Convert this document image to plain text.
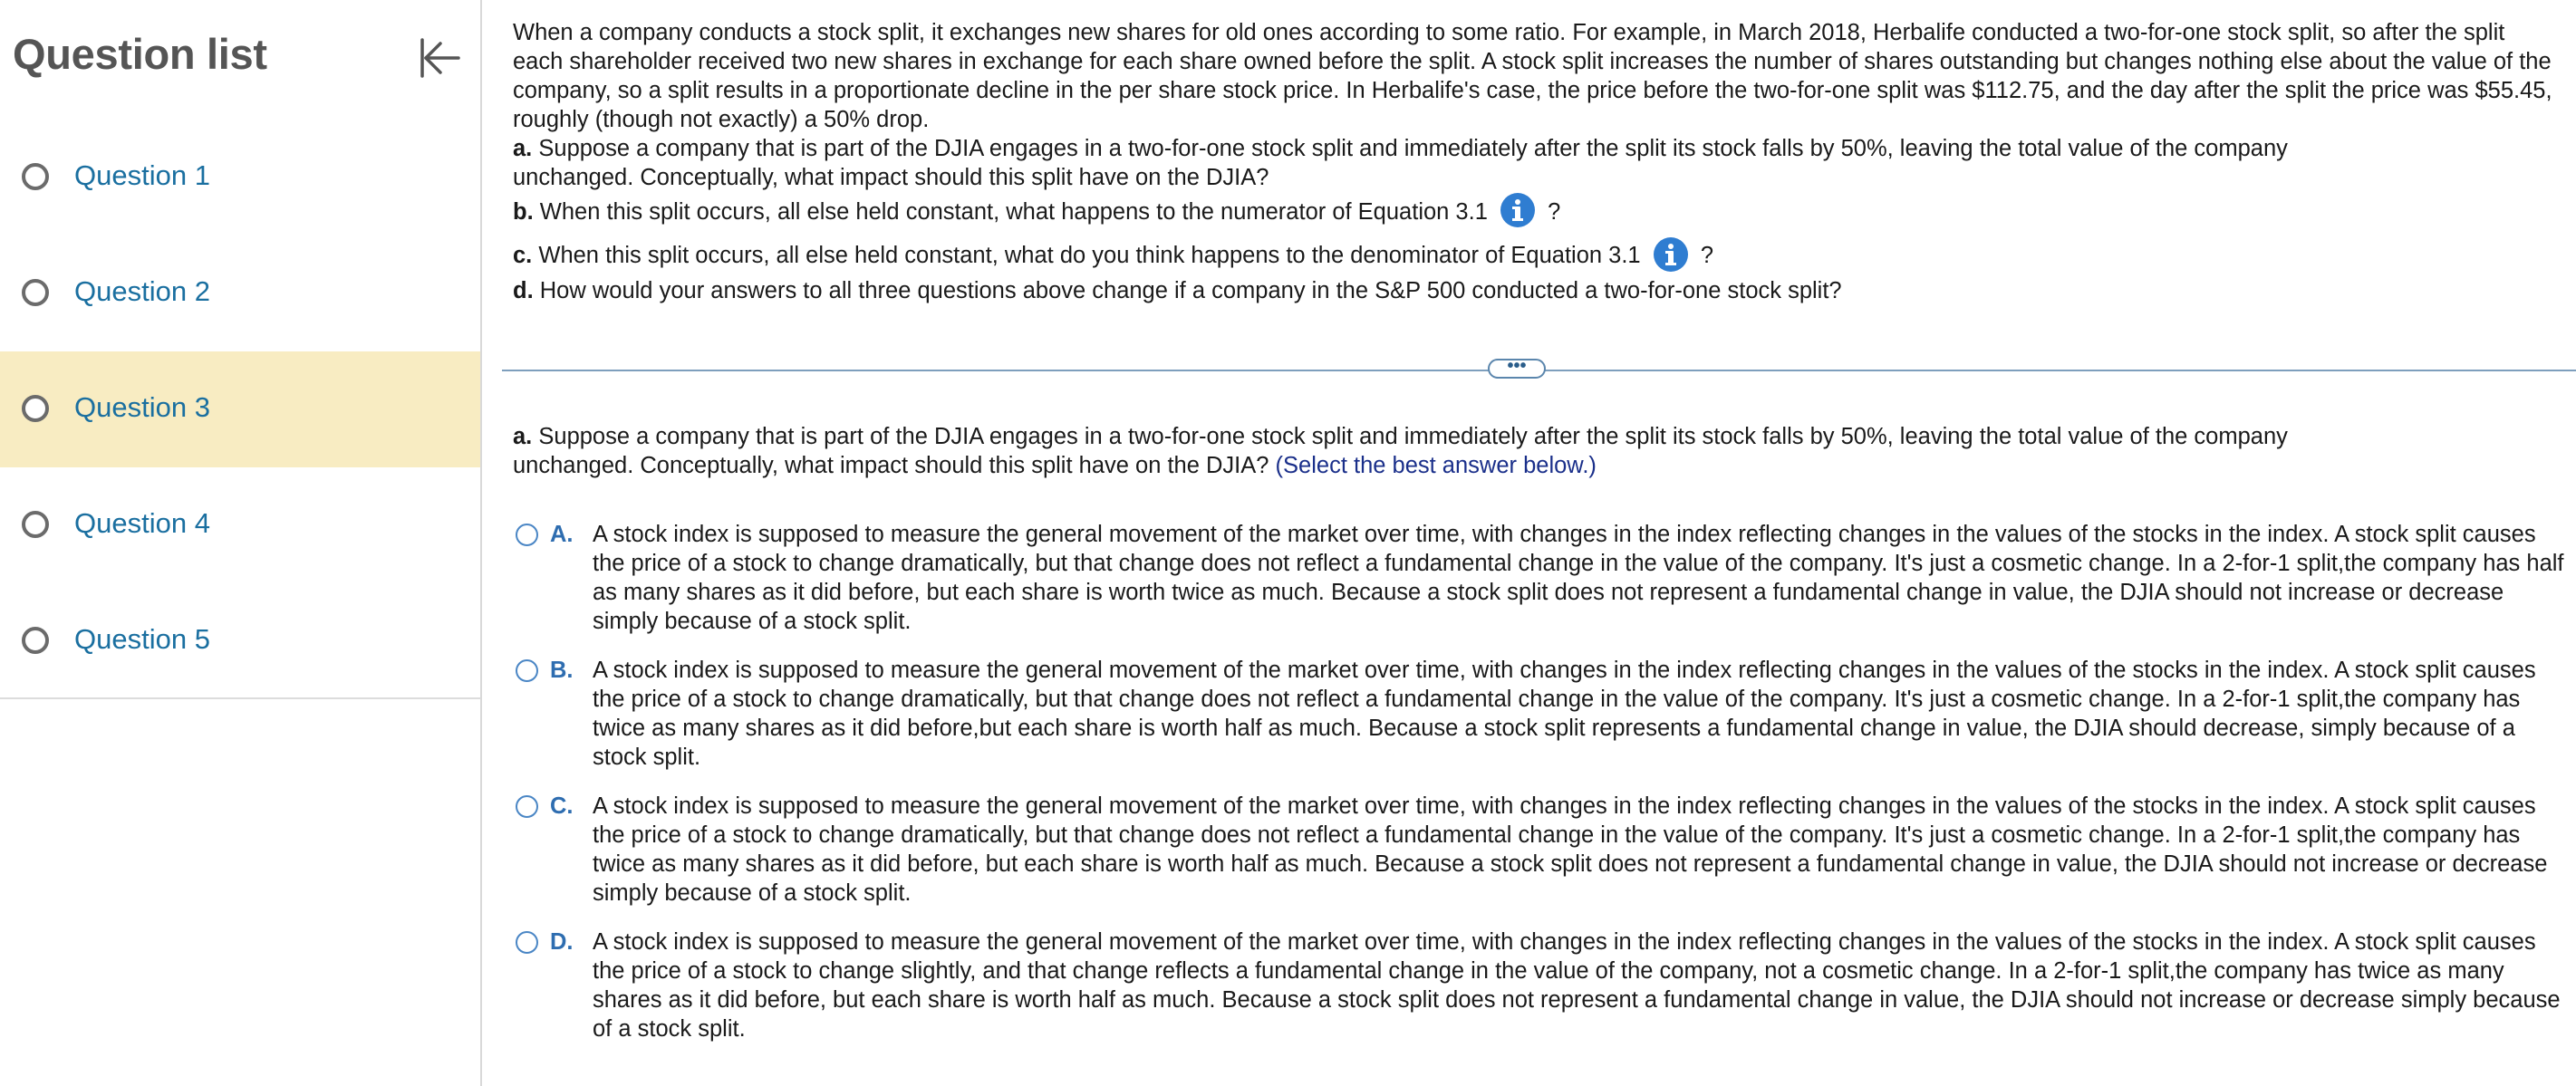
Question list
Question 1
Question 2
Question 3
Question 4
Question 5

When a company conducts a stock split, it exchanges new shares for old ones according to some ratio. For example, in March 2018, Herbalife conducted a two-for-one stock split, so after the split each shareholder received two new shares in exchange for each share owned before the split. A stock split increases the number of shares outstanding but changes nothing else about the value of the company, so a split results in a proportionate decline in the per share stock price. In Herbalife's case, the price before the two-for-one split was $112.75, and the day after the split the price was $55.45, roughly (though not exactly) a 50% drop.

a. Suppose a company that is part of the DJIA engages in a two-for-one stock split and immediately after the split its stock falls by 50%, leaving the total value of the company unchanged. Conceptually, what impact should this split have on the DJIA?

b. When this split occurs, all else held constant, what happens to the numerator of Equation 3.1	?

c. When this split occurs, all else held constant, what do you think happens to the denominator of Equation 3.1	?

d. How would your answers to all three questions above change if a company in the S&P 500 conducted a two-for-one stock split?

•••
a. Suppose a company that is part of the DJIA engages in a two-for-one stock split and immediately after the split its stock falls by 50%, leaving the total value of the company unchanged. Conceptually, what impact should this split have on the DJIA? (Select the best answer below.)
A. A stock index is supposed to measure the general movement of the market over time, with changes in the index reflecting changes in the values of the stocks in the index. A stock split causes the price of a stock to change dramatically, but that change does not reflect a fundamental change in the value of the company. It's just a cosmetic change. In a 2-for-1 split,the company has half as many shares as it did before, but each share is worth twice as much. Because a stock split does not represent a fundamental change in value, the DJIA should not increase or decrease simply because of a stock split.
B. A stock index is supposed to measure the general movement of the market over time, with changes in the index reflecting changes in the values of the stocks in the index. A stock split causes the price of a stock to change dramatically, but that change does not reflect a fundamental change in the value of the company. It's just a cosmetic change. In a 2-for-1 split,the company has twice as many shares as it did before,but each share is worth half as much. Because a stock split represents a fundamental change in value, the DJIA should decrease, simply because of a stock split.
C. A stock index is supposed to measure the general movement of the market over time, with changes in the index reflecting changes in the values of the stocks in the index. A stock split causes the price of a stock to change dramatically, but that change does not reflect a fundamental change in the value of the company. It's just a cosmetic change. In a 2-for-1 split,the company has twice as many shares as it did before, but each share is worth half as much. Because a stock split does not represent a fundamental change in value, the DJIA should not increase or decrease simply because of a stock split.
D. A stock index is supposed to measure the general movement of the market over time, with changes in the index reflecting changes in the values of the stocks in the index. A stock split causes the price of a stock to change slightly, and that change reflects a fundamental change in the value of the company, not a cosmetic change. In a 2-for-1 split,the company has twice as many shares as it did before, but each share is worth half as much. Because a stock split does not represent a fundamental change in value, the DJIA should not increase or decrease simply because of a stock split.
